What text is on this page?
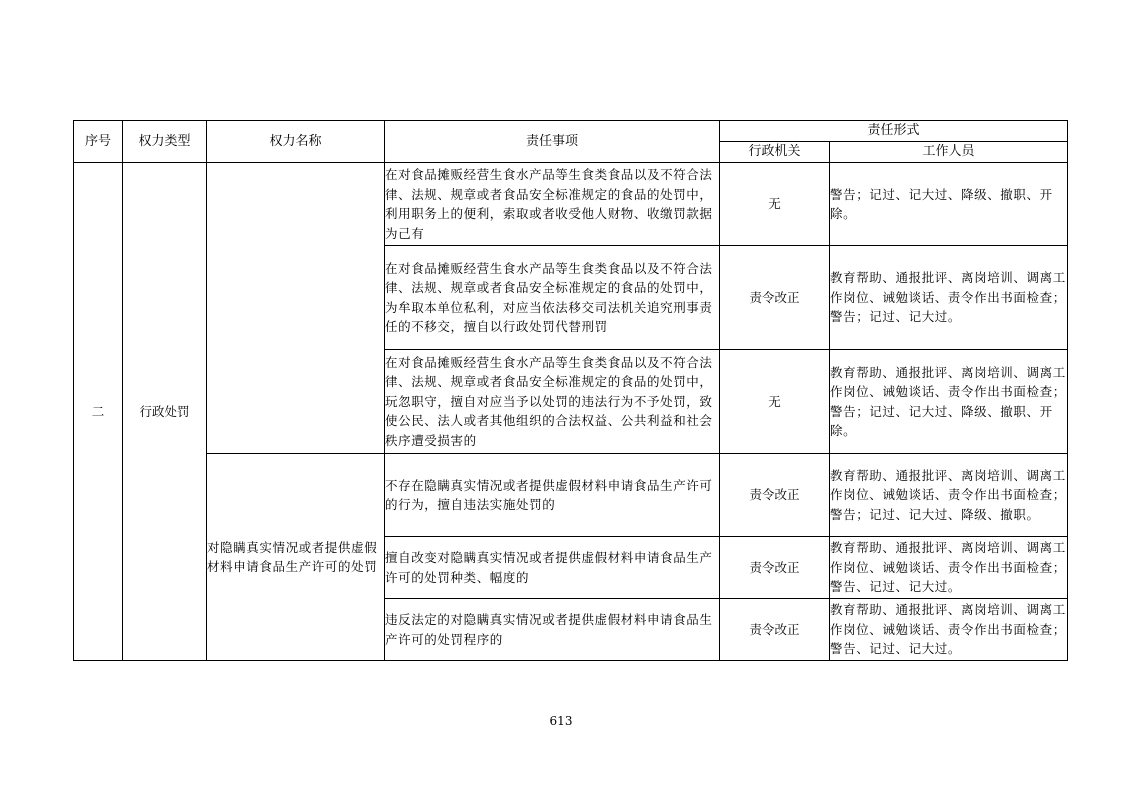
序号	权力类型	权力名称	责任事项	责任形式	
				行政机关	工作人员
二	行政处罚		在对食品摊贩经营生食水产品等生食类食品以及不符合法律、法规、规章或者食品安全标准规定的食品的处罚中，利用职务上的便利，索取或者收受他人财物、收缴罚款据为己有	无	警告；记过、记大过、降级、撤职、开除。
			在对食品摊贩经营生食水产品等生食类食品以及不符合法律、法规、规章或者食品安全标准规定的食品的处罚中，为牟取本单位私利，对应当依法移交司法机关追究刑事责任的不移交，擅自以行政处罚代替刑罚	责令改正	教育帮助、通报批评、离岗培训、调离工作岗位、诫勉谈话、责令作出书面检查；警告；记过、记大过。
			在对食品摊贩经营生食水产品等生食类食品以及不符合法律、法规、规章或者食品安全标准规定的食品的处罚中，玩忽职守，擅自对应当予以处罚的违法行为不予处罚，致使公民、法人或者其他组织的合法权益、公共利益和社会秩序遭受损害的	无	教育帮助、通报批评、离岗培训、调离工作岗位、诫勉谈话、责令作出书面检查；警告；记过、记大过、降级、撤职、开除。
		对隐瞒真实情况或者提供虚假材料申请食品生产许可的处罚	不存在隐瞒真实情况或者提供虚假材料申请食品生产许可的行为，擅自违法实施处罚的	责令改正	教育帮助、通报批评、离岗培训、调离工作岗位、诫勉谈话、责令作出书面检查；警告；记过、记大过、降级、撤职。
			擅自改变对隐瞒真实情况或者提供虚假材料申请食品生产许可的处罚种类、幅度的	责令改正	教育帮助、通报批评、离岗培训、调离工作岗位、诫勉谈话、责令作出书面检查；警告、记过、记大过。
			违反法定的对隐瞒真实情况或者提供虚假材料申请食品生产许可的处罚程序的	责令改正	教育帮助、通报批评、离岗培训、调离工作岗位、诫勉谈话、责令作出书面检查；警告、记过、记大过。
613
